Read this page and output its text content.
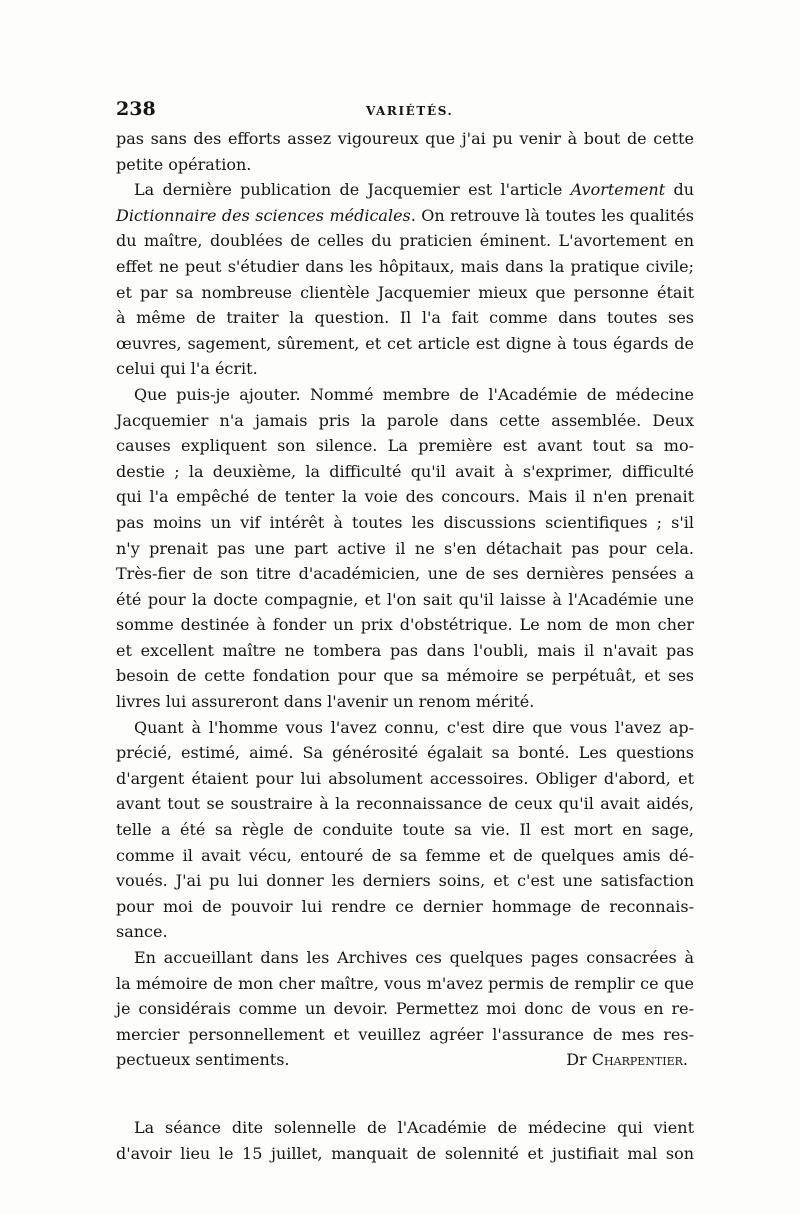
238	VARIÉTÉS.
pas sans des efforts assez vigoureux que j'ai pu venir à bout de cette
petite opération.
La dernière publication de Jacquemier est l'article Avortement du
Dictionnaire des sciences médicales. On retrouve là toutes les qualités
du maître, doublées de celles du praticien éminent. L'avortement en
effet ne peut s'étudier dans les hôpitaux, mais dans la pratique civile;
et par sa nombreuse clientèle Jacquemier mieux que personne était
à même de traiter la question. Il l'a fait comme dans toutes ses
œuvres, sagement, sûrement, et cet article est digne à tous égards de
celui qui l'a écrit.
Que puis-je ajouter. Nommé membre de l'Académie de médecine
Jacquemier n'a jamais pris la parole dans cette assemblée. Deux
causes expliquent son silence. La première est avant tout sa mo-
destie ; la deuxième, la difficulté qu'il avait à s'exprimer, difficulté
qui l'a empêché de tenter la voie des concours. Mais il n'en prenait
pas moins un vif intérêt à toutes les discussions scientifiques ; s'il
n'y prenait pas une part active il ne s'en détachait pas pour cela.
Très-fier de son titre d'académicien, une de ses dernières pensées a
été pour la docte compagnie, et l'on sait qu'il laisse à l'Académie une
somme destinée à fonder un prix d'obstétrique. Le nom de mon cher
et excellent maître ne tombera pas dans l'oubli, mais il n'avait pas
besoin de cette fondation pour que sa mémoire se perpétuât, et ses
livres lui assureront dans l'avenir un renom mérité.
Quant à l'homme vous l'avez connu, c'est dire que vous l'avez ap-
précié, estimé, aimé. Sa générosité égalait sa bonté. Les questions
d'argent étaient pour lui absolument accessoires. Obliger d'abord, et
avant tout se soustraire à la reconnaissance de ceux qu'il avait aidés,
telle a été sa règle de conduite toute sa vie. Il est mort en sage,
comme il avait vécu, entouré de sa femme et de quelques amis dé-
voués. J'ai pu lui donner les derniers soins, et c'est une satisfaction
pour moi de pouvoir lui rendre ce dernier hommage de reconnais-
sance.
En accueillant dans les Archives ces quelques pages consacrées à
la mémoire de mon cher maître, vous m'avez permis de remplir ce que
je considérais comme un devoir. Permettez moi donc de vous en re-
mercier personnellement et veuillez agréer l'assurance de mes res-
pectueux sentiments.	Dr Charpentier.
La séance dite solennelle de l'Académie de médecine qui vient
d'avoir lieu le 15 juillet, manquait de solennité et justifiait mal son
